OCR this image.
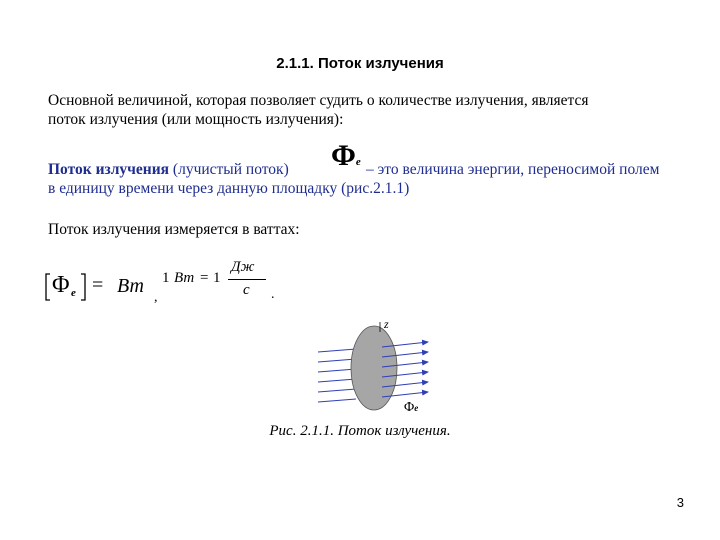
2.1.1. Поток излучения
Основной величиной, которая позволяет судить о количестве излучения, является
поток излучения (или мощность излучения):
Поток излучения (лучистый поток) Φe – это величина энергии, переносимой полем
в единицу времени через данную площадку (рис.2.1.1)
Поток излучения измеряется в ваттах:
Φ e = Вт
,
1 Вт = 1
Дж
с .
z
Φe
Рис. 2.1.1. Поток излучения.
3
